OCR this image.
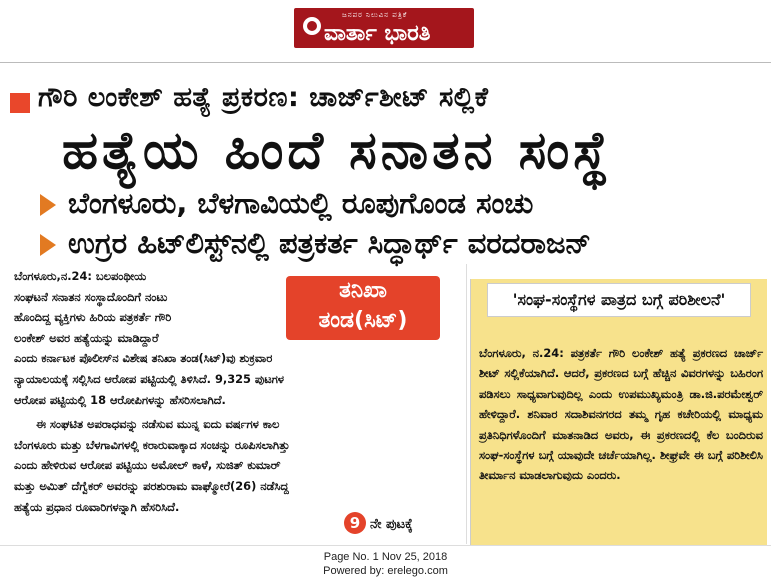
ಜನಪರ ನಿಲುವಿನ ಪತ್ರಿಕೆ
ವಾರ್ತಾ ಭಾರತಿ
ಗೌರಿ ಲಂಕೇಶ್ ಹತ್ಯೆ ಪ್ರಕರಣ: ಚಾರ್ಜ್‌ಶೀಟ್ ಸಲ್ಲಿಕೆ
ಹತ್ಯೆಯ ಹಿಂದೆ ಸನಾತನ ಸಂಸ್ಥೆ
ಬೆಂಗಳೂರು, ಬೆಳಗಾವಿಯಲ್ಲಿ ರೂಪುಗೊಂಡ ಸಂಚು
ಉಗ್ರರ ಹಿಟ್‌ಲಿಸ್ಟ್‌ನಲ್ಲಿ ಪತ್ರಕರ್ತ ಸಿದ್ಧಾರ್ಥ್ ವರದರಾಜನ್
ಬೆಂಗಳೂರು,ನ.24: ಬಲಪಂಥೀಯ
ಸಂಘಟನೆ ಸನಾತನ ಸಂಸ್ಥಾದೊಂದಿಗೆ ನಂಟು
ಹೊಂದಿದ್ದ ವ್ಯಕ್ತಿಗಳು ಹಿರಿಯ ಪತ್ರಕರ್ತೆ ಗೌರಿ
ಲಂಕೇಶ್ ಅವರ ಹತ್ಯೆಯನ್ನು ಮಾಡಿದ್ದಾರೆ
ಎಂದು ಕರ್ನಾಟಕ ಪೊಲೀಸ್‌ನ ವಿಶೇಷ ತನಿಖಾ ತಂಡ(ಸಿಟ್)ವು ಶುಕ್ರವಾರ
ನ್ಯಾಯಾಲಯಕ್ಕೆ ಸಲ್ಲಿಸಿದ ಆರೋಪ ಪಟ್ಟಿಯಲ್ಲಿ ತಿಳಿಸಿದೆ. 9,325 ಪುಟಗಳ
ಆರೋಪ ಪಟ್ಟಿಯಲ್ಲಿ 18 ಆರೋಪಿಗಳನ್ನು ಹೆಸರಿಸಲಾಗಿದೆ.
ಈ ಸಂಘಟಿತ ಅಪರಾಧವನ್ನು ನಡೆಸುವ ಮುನ್ನ ಐದು ವರ್ಷಗಳ ಕಾಲ
ಬೆಂಗಳೂರು ಮತ್ತು ಬೆಳಗಾವಿಗಳಲ್ಲಿ ಕರಾರುವಾಕ್ಕಾದ ಸಂಚನ್ನು ರೂಪಿಸಲಾಗಿತ್ತು
ಎಂದು ಹೇಳಿರುವ ಆರೋಪ ಪಟ್ಟಿಯು ಅಮೋಲ್ ಕಾಳೆ, ಸುಜಿತ್ ಕುಮಾರ್
ಮತ್ತು ಅಮಿತ್ ದೆಗ್ವೆಕರ್ ಅವರನ್ನು ಪರಶುರಾಮ ವಾಘ್ಮೋರೆ(26) ನಡೆಸಿದ್ದ
ಹತ್ಯೆಯ ಪ್ರಧಾನ ರೂವಾರಿಗಳನ್ನಾಗಿ ಹೆಸರಿಸಿದೆ.
ತನಿಖಾ
ತಂಡ(ಸಿಟ್)
'ಸಂಘ-ಸಂಸ್ಥೆಗಳ ಪಾತ್ರದ ಬಗ್ಗೆ ಪರಿಶೀಲನೆ'
ಬೆಂಗಳೂರು, ನ.24: ಪತ್ರಕರ್ತೆ ಗೌರಿ ಲಂಕೇಶ್ ಹತ್ಯೆ ಪ್ರಕರಣದ ಚಾರ್ಜ್ ಶೀಟ್ ಸಲ್ಲಿಕೆಯಾಗಿದೆ. ಆದರೆ, ಪ್ರಕರಣದ ಬಗ್ಗೆ ಹೆಚ್ಚಿನ ವಿವರಗಳನ್ನು ಬಹಿರಂಗ ಪಡಿಸಲು ಸಾಧ್ಯವಾಗುವುದಿಲ್ಲ ಎಂದು ಉಪಮುಖ್ಯಮಂತ್ರಿ ಡಾ.ಜಿ.ಪರಮೇಶ್ವರ್ ಹೇಳಿದ್ದಾರೆ. ಶನಿವಾರ ಸದಾಶಿವನಗರದ ತಮ್ಮ ಗೃಹ ಕಚೇರಿಯಲ್ಲಿ ಮಾಧ್ಯಮ ಪ್ರತಿನಿಧಿಗಳೊಂದಿಗೆ ಮಾತನಾಡಿದ ಅವರು, ಈ ಪ್ರಕರಣದಲ್ಲಿ ಕೆಲ ಬಂದಿರುವ ಸಂಘ-ಸಂಸ್ಥೆಗಳ ಬಗ್ಗೆ ಯಾವುದೇ ಚರ್ಚೆಯಾಗಿಲ್ಲ. ಶೀಘ್ರವೇ ಈ ಬಗ್ಗೆ ಪರಿಶೀಲಿಸಿ ತೀರ್ಮಾನ ಮಾಡಲಾಗುವುದು ಎಂದರು.
9 ನೇ ಪುಟಕ್ಕೆ
Page No. 1 Nov 25, 2018
Powered by: erelego.com
